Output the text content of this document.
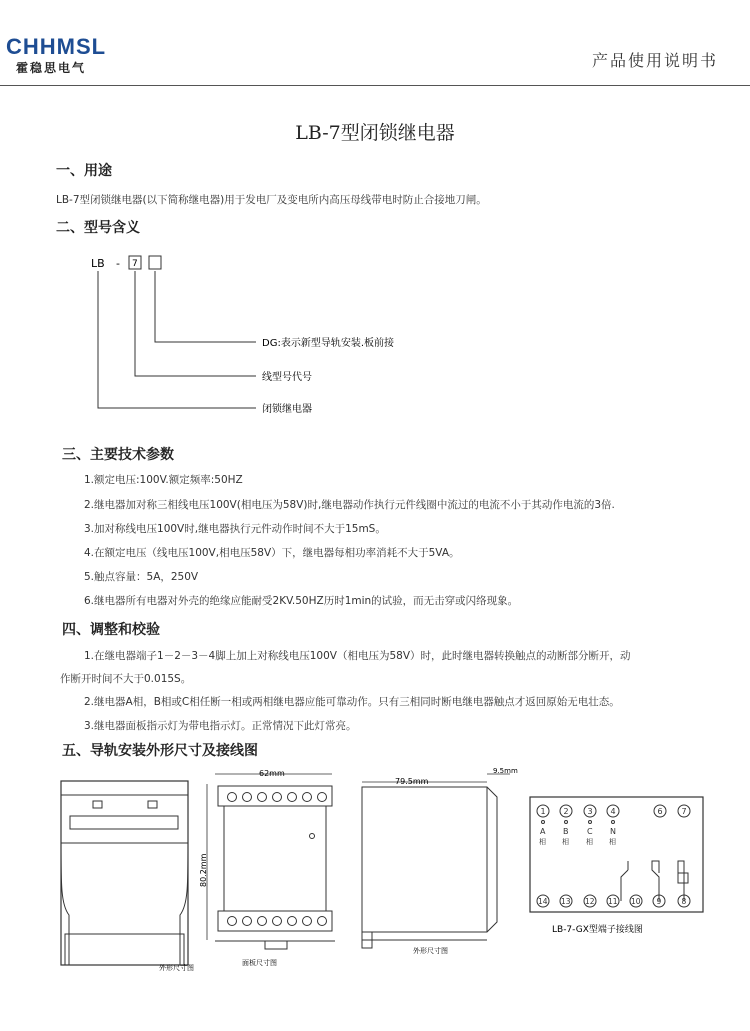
CHHMSL
霍稳思电气	产品使用说明书
LB-7型闭锁继电器
一、用途
LB-7型闭锁继电器(以下简称继电器)用于发电厂及变电所内高压母线带电时防止合接地刀闸。
二、型号含义
LB - 7
DG:表示新型导轨安装.板前接
线型号代号
闭锁继电器
三、主要技术参数
1.额定电压:100V.额定频率:50HZ
2.继电器加对称三相线电压100V(相电压为58V)时,继电器动作执行元件线圈中流过的电流不小于其动作电流的3倍.
3.加对称线电压100V时,继电器执行元件动作时间不大于15mS。
4.在额定电压（线电压100V,相电压58V）下，继电器每相功率消耗不大于5VA。
5.触点容量：5A，250V
6.继电器所有电器对外壳的绝缘应能耐受2KV.50HZ历时1min的试验，而无击穿或闪络现象。
四、调整和校验
1.在继电器端子1－2－3－4脚上加上对称线电压100V（相电压为58V）时，此时继电器转换触点的动断部分断开，动
作断开时间不大于0.015S。
2.继电器A相，B相或C相任断一相或两相继电器应能可靠动作。只有三相同时断电继电器触点才返回原始无电壮态。
3.继电器面板指示灯为带电指示灯。正常情况下此灯常亮。
五、导轨安装外形尺寸及接线图
外形尺寸图
62mm
80.2mm
面板尺寸图
79.5mm
9.5mm
外形尺寸图
1
A
相
2
B
相
3
C
相
4
N
相
6 7
14 13 12 11 10 9	8
LB-7-GX型端子接线图
